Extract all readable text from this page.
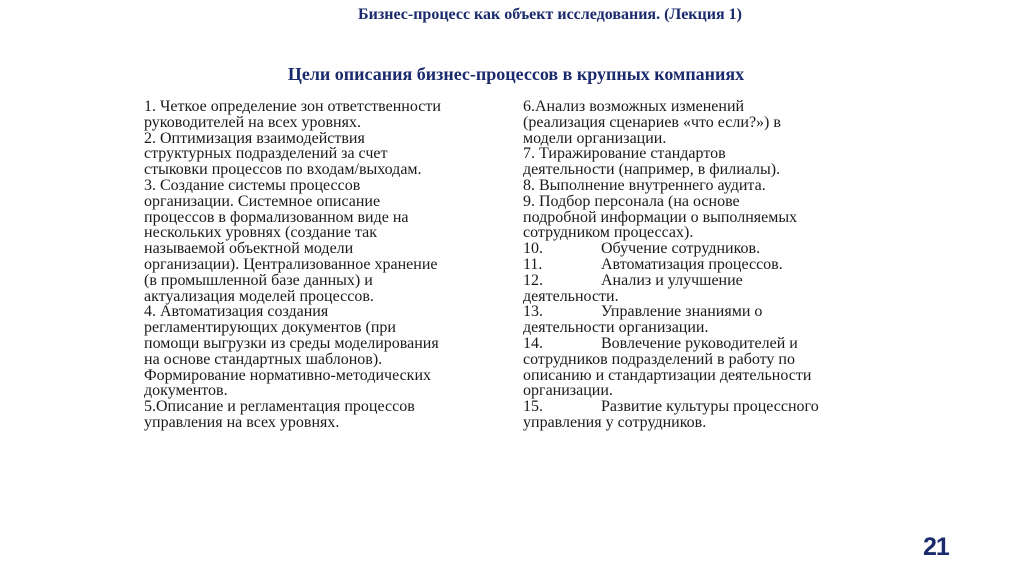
Бизнес-процесс как объект исследования. (Лекция 1)
Цели описания бизнес-процессов в крупных компаниях
1. Четкое определение зон ответственности
руководителей на всех уровнях.
2. Оптимизация взаимодействия
структурных подразделений за счет
стыковки процессов по входам/выходам.
3. Создание системы процессов
организации. Системное описание
процессов в формализованном виде на
нескольких уровнях (создание так
называемой объектной модели
организации). Централизованное хранение
(в промышленной базе данных) и
актуализация моделей процессов.
4. Автоматизация создания
регламентирующих документов (при
помощи выгрузки из среды моделирования
на основе стандартных шаблонов).
Формирование нормативно-методических
документов.
5.Описание и регламентация процессов
управления на всех уровнях.
6.Анализ возможных изменений
(реализация сценариев «что если?») в
модели организации.
7. Тиражирование стандартов
деятельности (например, в филиалы).
8. Выполнение внутреннего аудита.
9. Подбор персонала (на основе
подробной информации о выполняемых
сотрудником процессах).
10.	Обучение сотрудников.
11.	Автоматизация процессов.
12.	Анализ и улучшение
деятельности.
13.	Управление знаниями о
деятельности организации.
14.	Вовлечение руководителей и
сотрудников подразделений в работу по
описанию и стандартизации деятельности
организации.
15.	Развитие культуры процессного
управления у сотрудников.
21
